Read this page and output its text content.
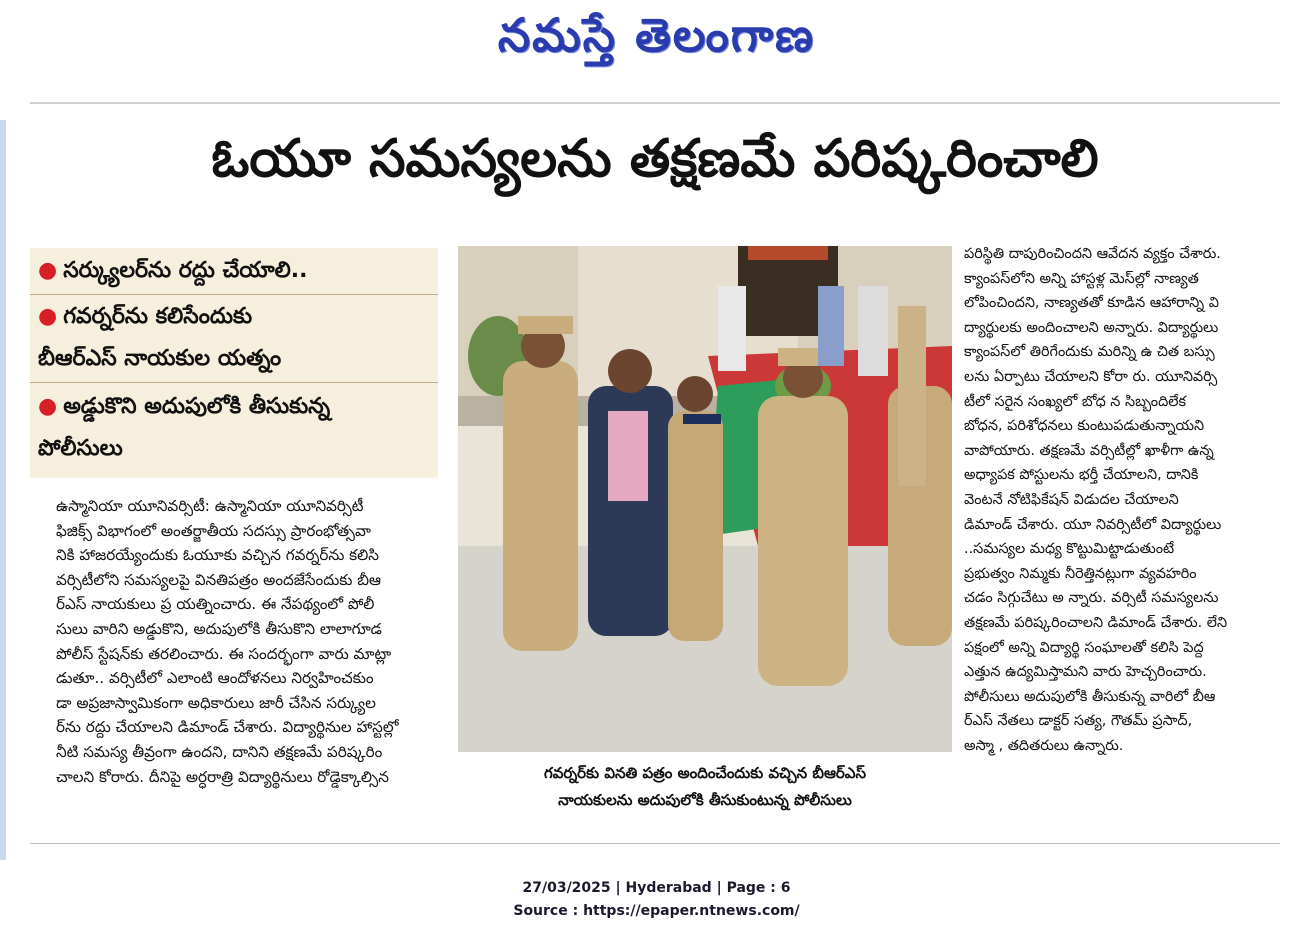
నమస్తే తెలంగాణ
ఓయూ సమస్యలను తక్షణమే పరిష్కరించాలి
● సర్క్యులర్‌ను రద్దు చేయాలి..
● గవర్నర్‌ను కలిసేందుకు
బీఆర్‌ఎస్ నాయకుల యత్నం
● అడ్డుకొని అదుపులోకి తీసుకున్న
పోలీసులు
ఉస్మానియా యూనివర్సిటీ: ఉస్మానియా యూనివర్సిటీ
ఫిజిక్స్ విభాగంలో అంతర్జాతీయ సదస్సు ప్రారంభోత్సవా
నికి హాజరయ్యేందుకు ఓయూకు వచ్చిన గవర్నర్‌ను కలిసి
వర్సిటీలోని సమస్యలపై వినతిపత్రం అందజేసేందుకు బీఆ
ర్‌ఎస్ నాయకులు ప్ర యత్నించారు. ఈ నేపథ్యంలో పోలీ
సులు వారిని అడ్డుకొని, అదుపులోకి తీసుకొని లాలాగూడ
పోలీస్ స్టేషన్‌కు తరలించారు. ఈ సందర్భంగా వారు మాట్లా
డుతూ.. వర్సిటీలో ఎలాంటి ఆందోళనలు నిర్వహించకుం
డా అప్రజాస్వామికంగా అధికారులు జారీ చేసిన సర్క్యుల
ర్‌ను రద్దు చేయాలని డిమాండ్ చేశారు. విద్యార్థినుల హాస్టల్లో
నీటి సమస్య తీవ్రంగా ఉందని, దానిని తక్షణమే పరిష్కరిం
చాలని కోరారు. దీనిపై అర్ధరాత్రి విద్యార్థినులు రోడ్డెక్కాల్సిన	గవర్నర్‌కు వినతి పత్రం అందించేందుకు వచ్చిన బీఆర్‌ఎస్
నాయకులను అదుపులోకి తీసుకుంటున్న పోలీసులు
పరిస్థితి దాపురించిందని ఆవేదన వ్యక్తం చేశారు.
క్యాంపస్‌లోని అన్ని హాస్టళ్ల మెస్‌ల్లో నాణ్యత
లోపించిందని, నాణ్యతతో కూడిన ఆహారాన్ని వి
ద్యార్థులకు అందించాలని అన్నారు. విద్యార్థులు
క్యాంపస్‌లో తిరిగేందుకు మరిన్ని ఉ చిత బస్సు
లను ఏర్పాటు చేయాలని కోరా రు. యూనివర్సి
టీలో సరైన సంఖ్యలో బోధ న సిబ్బందిలేక
బోధన, పరిశోధనలు కుంటుపడుతున్నాయని
వాపోయారు. తక్షణమే వర్సిటీల్లో ఖాళీగా ఉన్న
అధ్యాపక పోస్టులను భర్తీ చేయాలని, దానికి
వెంటనే నోటిఫికేషన్ విడుదల చేయాలని
డిమాండ్ చేశారు. యూ నివర్సిటీలో విద్యార్థులు
..సమస్యల మధ్య కొట్టుమిట్టాడుతుంటే
ప్రభుత్వం నిమ్మకు నీరెత్తినట్లుగా వ్యవహరిం
చడం సిగ్గుచేటు అ న్నారు. వర్సిటీ సమస్యలను
తక్షణమే పరిష్కరించాలని డిమాండ్ చేశారు. లేని
పక్షంలో అన్ని విద్యార్థి సంఘాలతో కలిసి పెద్ద
ఎత్తున ఉద్యమిస్తామని వారు హెచ్చరించారు.
పోలీసులు అదుపులోకి తీసుకున్న వారిలో బీఆ
ర్‌ఎస్ నేతలు డాక్టర్ సత్య, గౌతమ్ ప్రసాద్,
అస్మా , తదితరులు ఉన్నారు.
27/03/2025 | Hyderabad | Page : 6
Source : https://epaper.ntnews.com/
